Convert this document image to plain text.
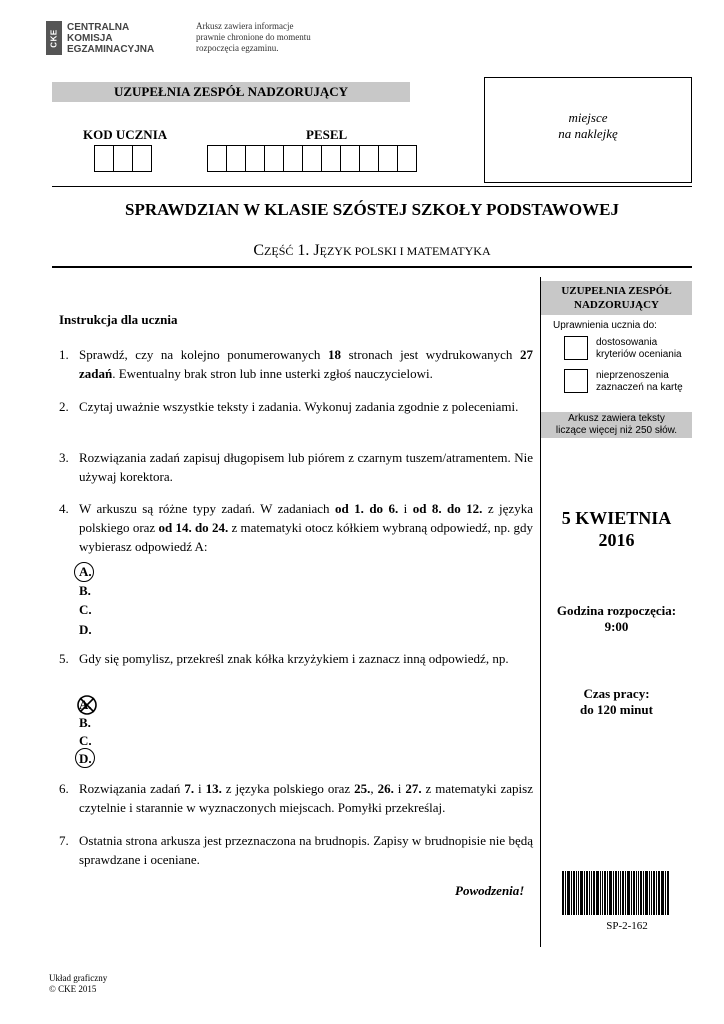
CKE
CENTRALNA
KOMISJA
EGZAMINACYJNA
Arkusz zawiera informacje
prawnie chronione do momentu
rozpoczęcia egzaminu.
UZUPEŁNIA ZESPÓŁ NADZORUJĄCY
miejsce
na naklejkę
KOD UCZNIA	PESEL
SPRAWDZIAN W KLASIE SZÓSTEJ SZKOŁY PODSTAWOWEJ
CZĘŚĆ 1. JĘZYK POLSKI I MATEMATYKA
UZUPEŁNIA ZESPÓŁ
NADZORUJĄCY
Uprawnienia ucznia do:
dostosowania
kryteriów oceniania
nieprzenoszenia
zaznaczeń na kartę
Arkusz zawiera teksty
liczące więcej niż 250 słów.
5 KWIETNIA
2016
Godzina rozpoczęcia:
9:00
Czas pracy:
do 120 minut
SP-2-162
Instrukcja dla ucznia
1. Sprawdź, czy na kolejno ponumerowanych 18 stronach jest wydrukowanych 27 zadań. Ewentualny brak stron lub inne usterki zgłoś nauczycielowi.
2. Czytaj uważnie wszystkie teksty i zadania. Wykonuj zadania zgodnie z poleceniami.
3. Rozwiązania zadań zapisuj długopisem lub piórem z czarnym tuszem/atramentem. Nie używaj korektora.
4. W arkuszu są różne typy zadań. W zadaniach od 1. do 6. i od 8. do 12. z języka polskiego oraz od 14. do 24. z matematyki otocz kółkiem wybraną odpowiedź, np. gdy wybierasz odpowiedź A:
A.
B.
C.
D.
5. Gdy się pomylisz, przekreśl znak kółka krzyżykiem i zaznacz inną odpowiedź, np.
A.
B.
C.
D.
6. Rozwiązania zadań 7. i 13. z języka polskiego oraz 25., 26. i 27. z matematyki zapisz czytelnie i starannie w wyznaczonych miejscach. Pomyłki przekreślaj.
7. Ostatnia strona arkusza jest przeznaczona na brudnopis. Zapisy w brudnopisie nie będą sprawdzane i oceniane.
Powodzenia!
Układ graficzny
© CKE 2015
